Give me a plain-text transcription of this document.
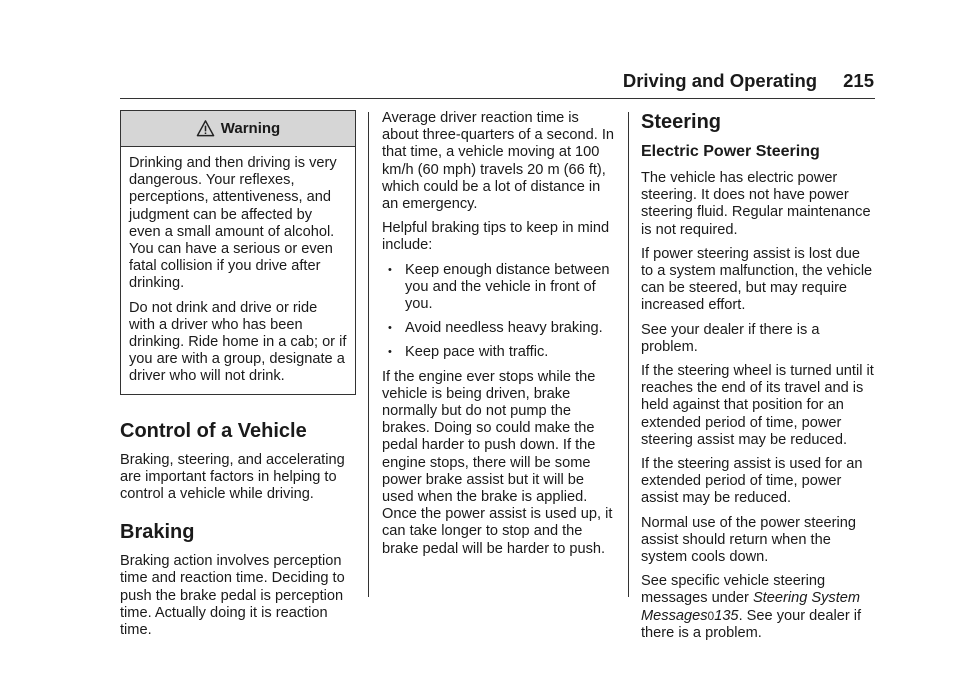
Driving and Operating 215
Warning

Drinking and then driving is very dangerous. Your reflexes, perceptions, attentiveness, and judgment can be affected by even a small amount of alcohol. You can have a serious or even fatal collision if you drive after drinking.

Do not drink and drive or ride with a driver who has been drinking. Ride home in a cab; or if you are with a group, designate a driver who will not drink.

Control of a Vehicle

Braking, steering, and accelerating are important factors in helping to control a vehicle while driving.

Braking

Braking action involves perception time and reaction time. Deciding to push the brake pedal is perception time. Actually doing it is reaction time.

Average driver reaction time is about three-quarters of a second. In that time, a vehicle moving at 100 km/h (60 mph) travels 20 m (66 ft), which could be a lot of distance in an emergency.

Helpful braking tips to keep in mind include:

• Keep enough distance between you and the vehicle in front of you.
• Avoid needless heavy braking.
• Keep pace with traffic.

If the engine ever stops while the vehicle is being driven, brake normally but do not pump the brakes. Doing so could make the pedal harder to push down. If the engine stops, there will be some power brake assist but it will be used when the brake is applied. Once the power assist is used up, it can take longer to stop and the brake pedal will be harder to push.

Steering
Electric Power Steering

The vehicle has electric power steering. It does not have power steering fluid. Regular maintenance is not required.

If power steering assist is lost due to a system malfunction, the vehicle can be steered, but may require increased effort.

See your dealer if there is a problem.

If the steering wheel is turned until it reaches the end of its travel and is held against that position for an extended period of time, power steering assist may be reduced.

If the steering assist is used for an extended period of time, power assist may be reduced.

Normal use of the power steering assist should return when the system cools down.

See specific vehicle steering messages under Steering System Messages0135. See your dealer if there is a problem.
